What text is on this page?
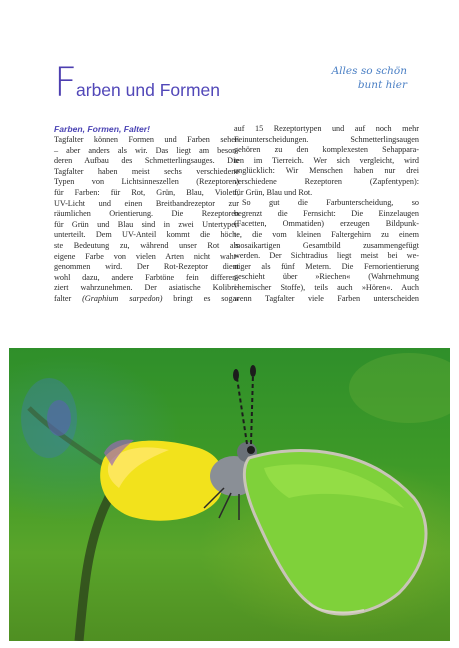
Farben und Formen
Alles so schön
bunt hier
Farben, Formen, Falter!
Tagfalter können Formen und Farben sehen
– aber anders als wir. Das liegt am beson-
deren Aufbau des Schmetterlingsauges. Die
Tagfalter haben meist sechs verschiedene
Typen von Lichtsinneszellen (Rezeptoren)
für Farben: für Rot, Grün, Blau, Violett,
UV-Licht und einen Breitbandrezeptor zur
räumlichen Orientierung. Die Rezeptoren
für Grün und Blau sind in zwei Untertypen
unterteilt. Dem UV-Anteil kommt die höch-
ste Bedeutung zu, während unser Rot als
eigene Farbe von vielen Arten nicht wahr-
genommen wird. Der Rot-Rezeptor dient
wohl dazu, andere Farbtöne fein differen-
ziert wahrzunehmen. Der asiatische Kolibri-
falter (Graphium sarpedon) bringt es sogar
auf 15 Rezeptortypen und auf noch mehr
Feinunterscheidungen. Schmetterlingsaugen
gehören zu den komplexesten Sehappara-
ten im Tierreich. Wer sich vergleicht, wird
unglücklich: Wir Menschen haben nur drei
verschiedene Rezeptoren (Zapfentypen):
für Grün, Blau und Rot.
So gut die Farbunterscheidung, so
begrenzt die Fernsicht: Die Einzelaugen
(Facetten, Ommatiden) erzeugen Bildpunk-
te, die vom kleinen Faltergehirn zu einem
mosaikartigen Gesamtbild zusammengefügt
werden. Der Sichtradius liegt meist bei we-
niger als fünf Metern. Die Fernorientierung
geschieht über »Riechen« (Wahrnehmung
chemischer Stoffe), teils auch »Hören«. Auch
wenn Tagfalter viele Farben unterscheiden
